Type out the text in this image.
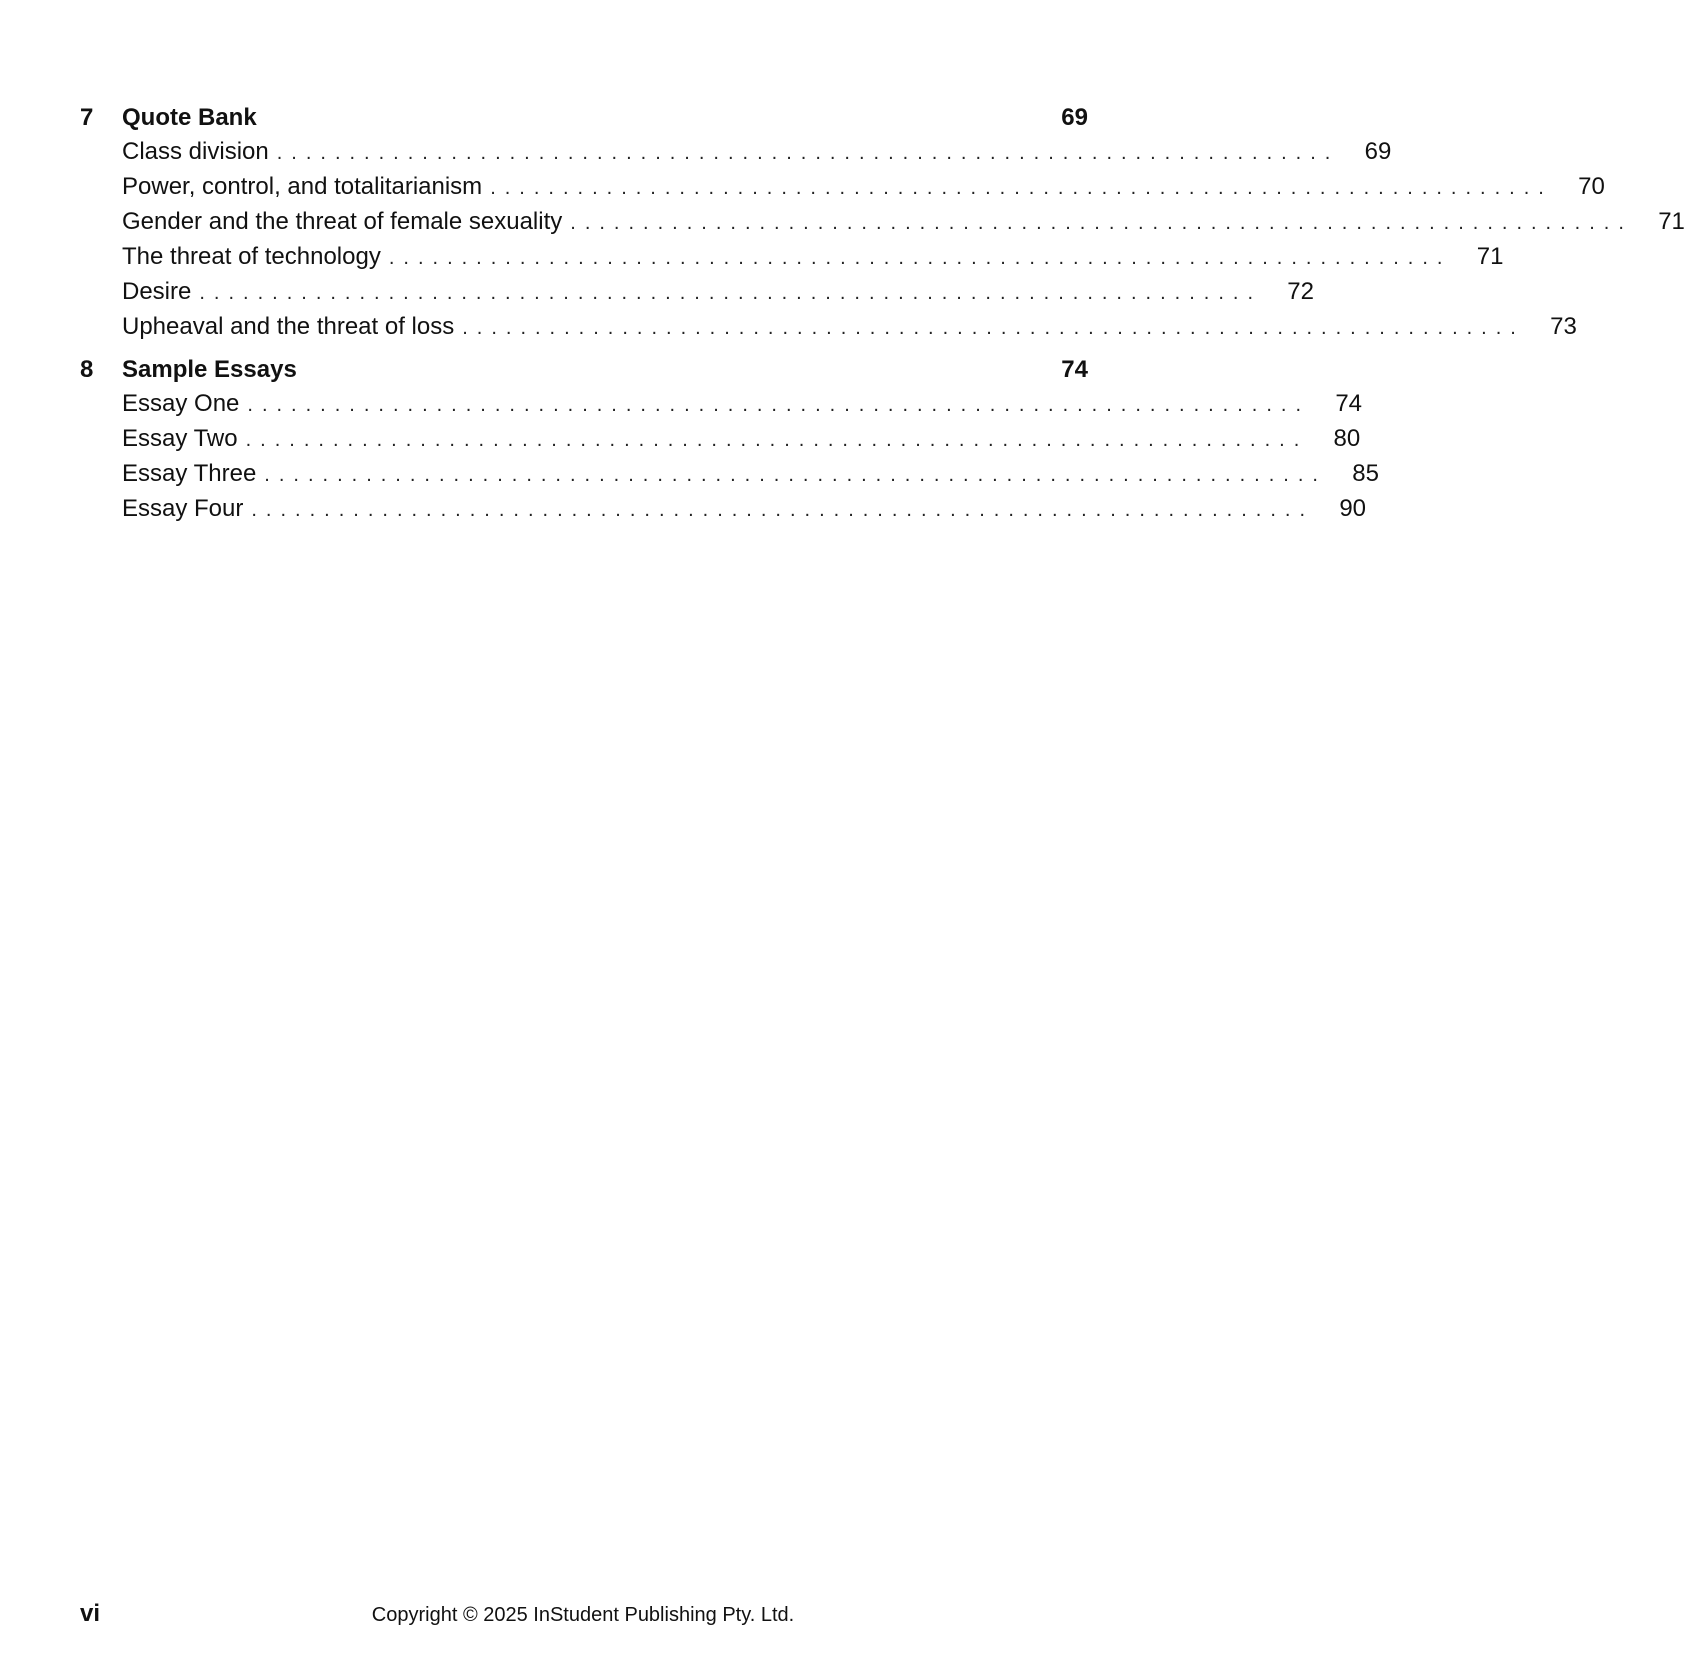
7	Quote Bank	69
Class division .........................................................................	69
Power, control, and totalitarianism .........................................................................	70
Gender and the threat of female sexuality .........................................................................	71
The threat of technology .........................................................................	71
Desire .........................................................................	72
Upheaval and the threat of loss .........................................................................	73
8	Sample Essays	74
Essay One .........................................................................	74
Essay Two .........................................................................	80
Essay Three .........................................................................	85
Essay Four .........................................................................	90
vi	Copyright © 2025 InStudent Publishing Pty. Ltd.
